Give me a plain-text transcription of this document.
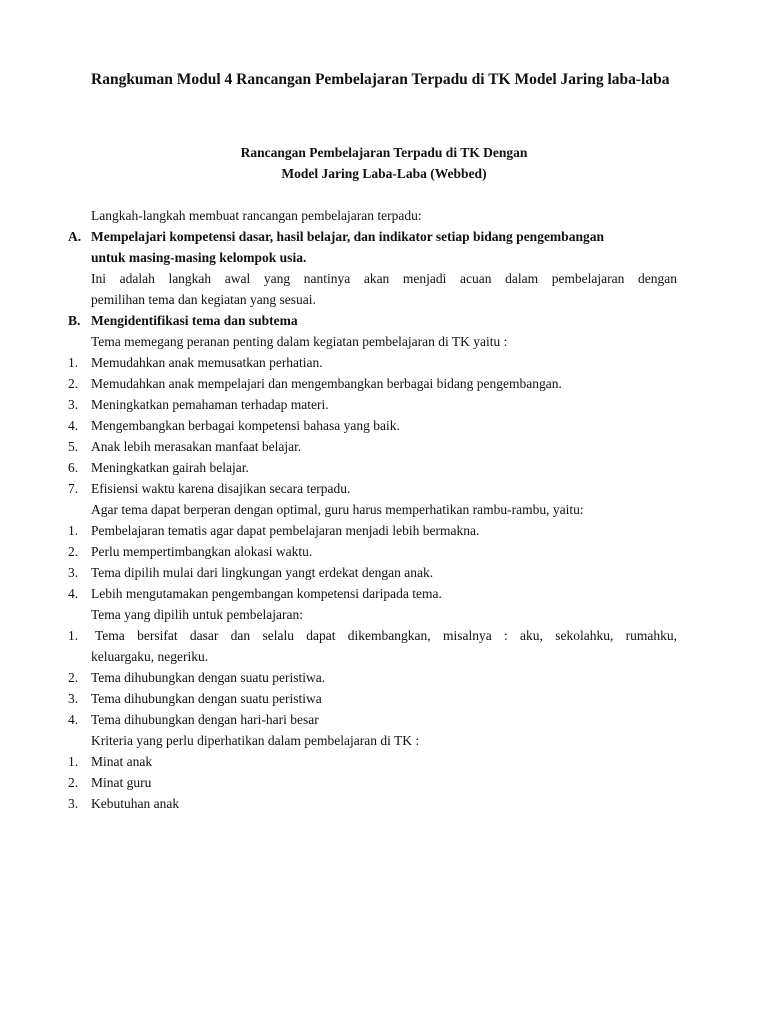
Rangkuman Modul 4 Rancangan Pembelajaran Terpadu di TK Model Jaring laba-laba

Rancangan Pembelajaran Terpadu di TK Dengan

Model Jaring Laba-Laba (Webbed)

Langkah-langkah membuat rancangan pembelajaran terpadu:
A. Mempelajari kompetensi dasar, hasil belajar, dan indikator setiap bidang pengembangan
untuk masing-masing kelompok usia.
Ini adalah langkah awal yang nantinya akan menjadi acuan dalam pembelajaran dengan
pemilihan tema dan kegiatan yang sesuai.
B. Mengidentifikasi tema dan subtema
Tema memegang peranan penting dalam kegiatan pembelajaran di TK yaitu :
1. Memudahkan anak memusatkan perhatian.
2. Memudahkan anak mempelajari dan mengembangkan berbagai bidang pengembangan.
3. Meningkatkan pemahaman terhadap materi.
4. Mengembangkan berbagai kompetensi bahasa yang baik.
5. Anak lebih merasakan manfaat belajar.
6. Meningkatkan gairah belajar.
7. Efisiensi waktu karena disajikan secara terpadu.
Agar tema dapat berperan dengan optimal, guru harus memperhatikan rambu-rambu, yaitu:
1. Pembelajaran tematis agar dapat pembelajaran menjadi lebih bermakna.
2. Perlu mempertimbangkan alokasi waktu.
3. Tema dipilih mulai dari lingkungan yangt erdekat dengan anak.
4. Lebih mengutamakan pengembangan kompetensi daripada tema.
Tema yang dipilih untuk pembelajaran:
1. Tema bersifat dasar dan selalu dapat dikembangkan, misalnya : aku, sekolahku, rumahku,
keluargaku, negeriku.
2. Tema dihubungkan dengan suatu peristiwa.
3. Tema dihubungkan dengan suatu peristiwa
4. Tema dihubungkan dengan hari-hari besar
Kriteria yang perlu diperhatikan dalam pembelajaran di TK :
1. Minat anak
2. Minat guru
3. Kebutuhan anak
